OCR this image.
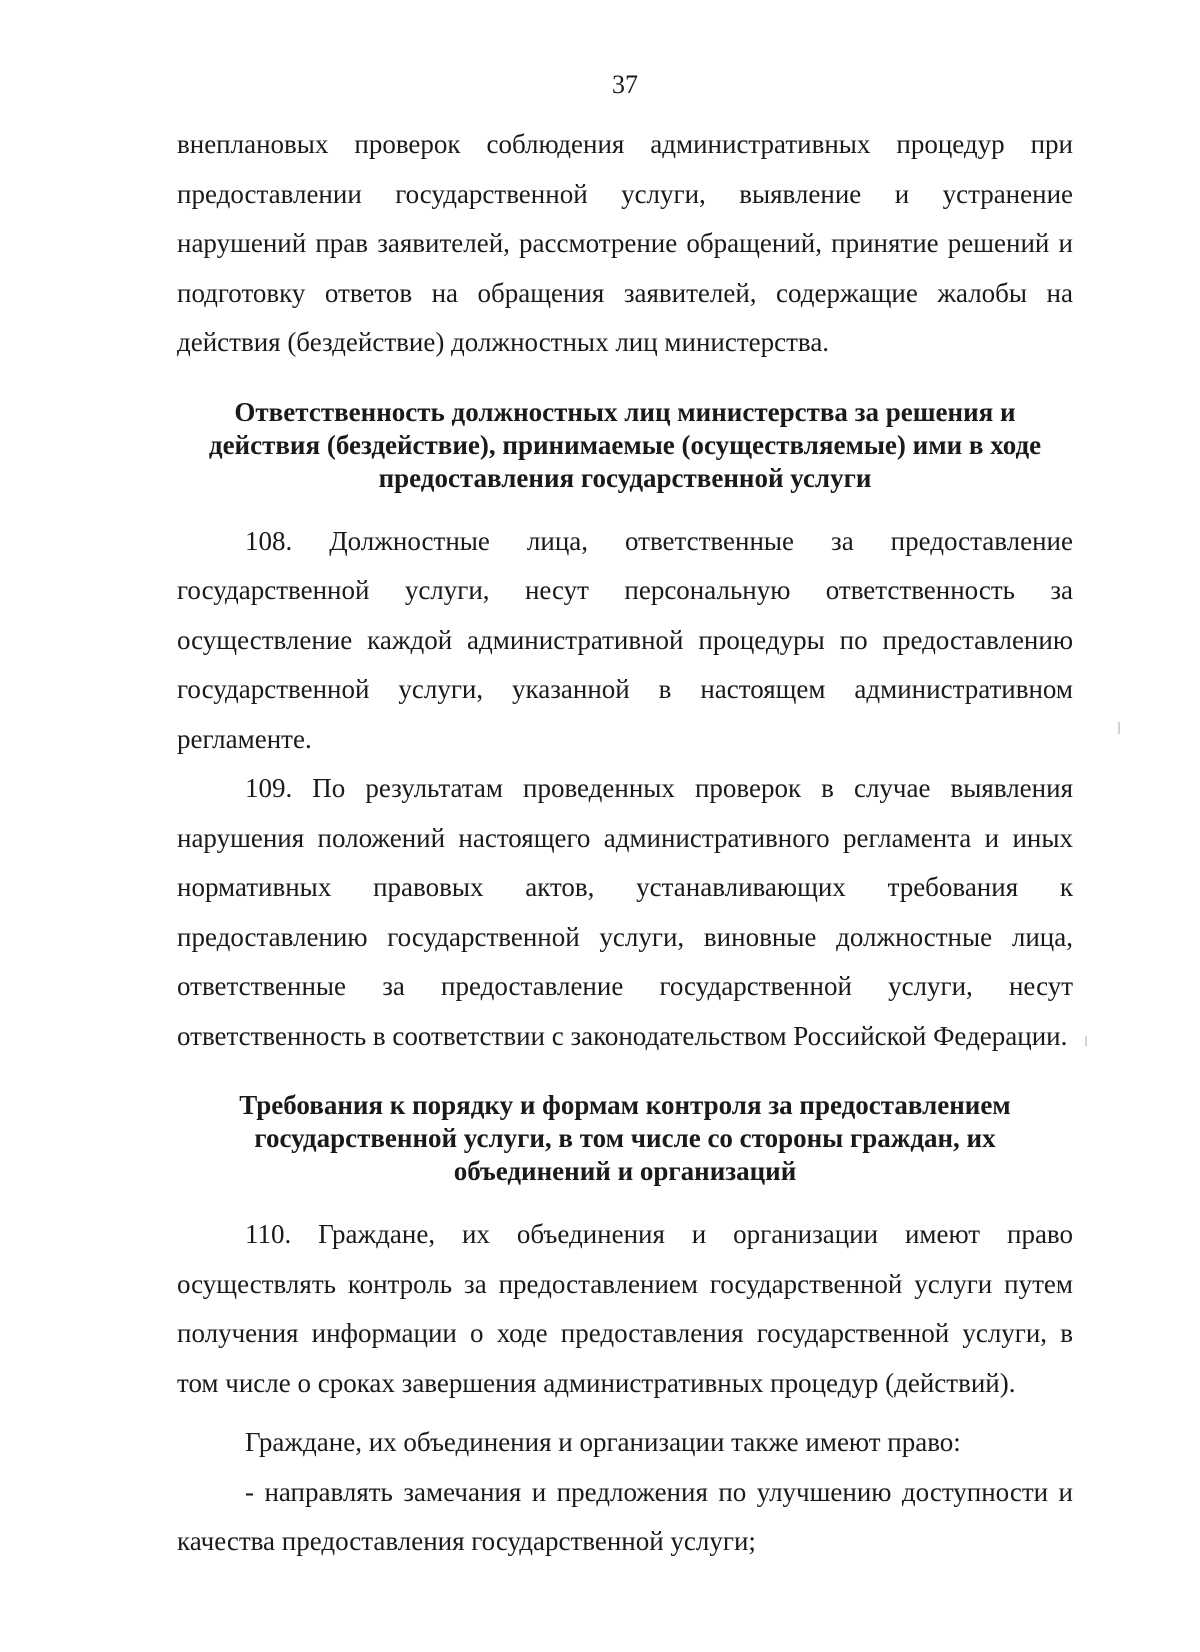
37

внеплановых проверок соблюдения административных процедур при предоставлении государственной услуги, выявление и устранение нарушений прав заявителей, рассмотрение обращений, принятие решений и подготовку ответов на обращения заявителей, содержащие жалобы на действия (бездействие) должностных лиц министерства.

Ответственность должностных лиц министерства за решения и действия (бездействие), принимаемые (осуществляемые) ими в ходе предоставления государственной услуги

108. Должностные лица, ответственные за предоставление государственной услуги, несут персональную ответственность за осуществление каждой административной процедуры по предоставлению государственной услуги, указанной в настоящем административном регламенте.

109. По результатам проведенных проверок в случае выявления нарушения положений настоящего административного регламента и иных нормативных правовых актов, устанавливающих требования к предоставлению государственной услуги, виновные должностные лица, ответственные за предоставление государственной услуги, несут ответственность в соответствии с законодательством Российской Федерации.

Требования к порядку и формам контроля за предоставлением государственной услуги, в том числе со стороны граждан, их объединений и организаций

110. Граждане, их объединения и организации имеют право осуществлять контроль за предоставлением государственной услуги путем получения информации о ходе предоставления государственной услуги, в том числе о сроках завершения административных процедур (действий).

Граждане, их объединения и организации также имеют право:

- направлять замечания и предложения по улучшению доступности и качества предоставления государственной услуги;
